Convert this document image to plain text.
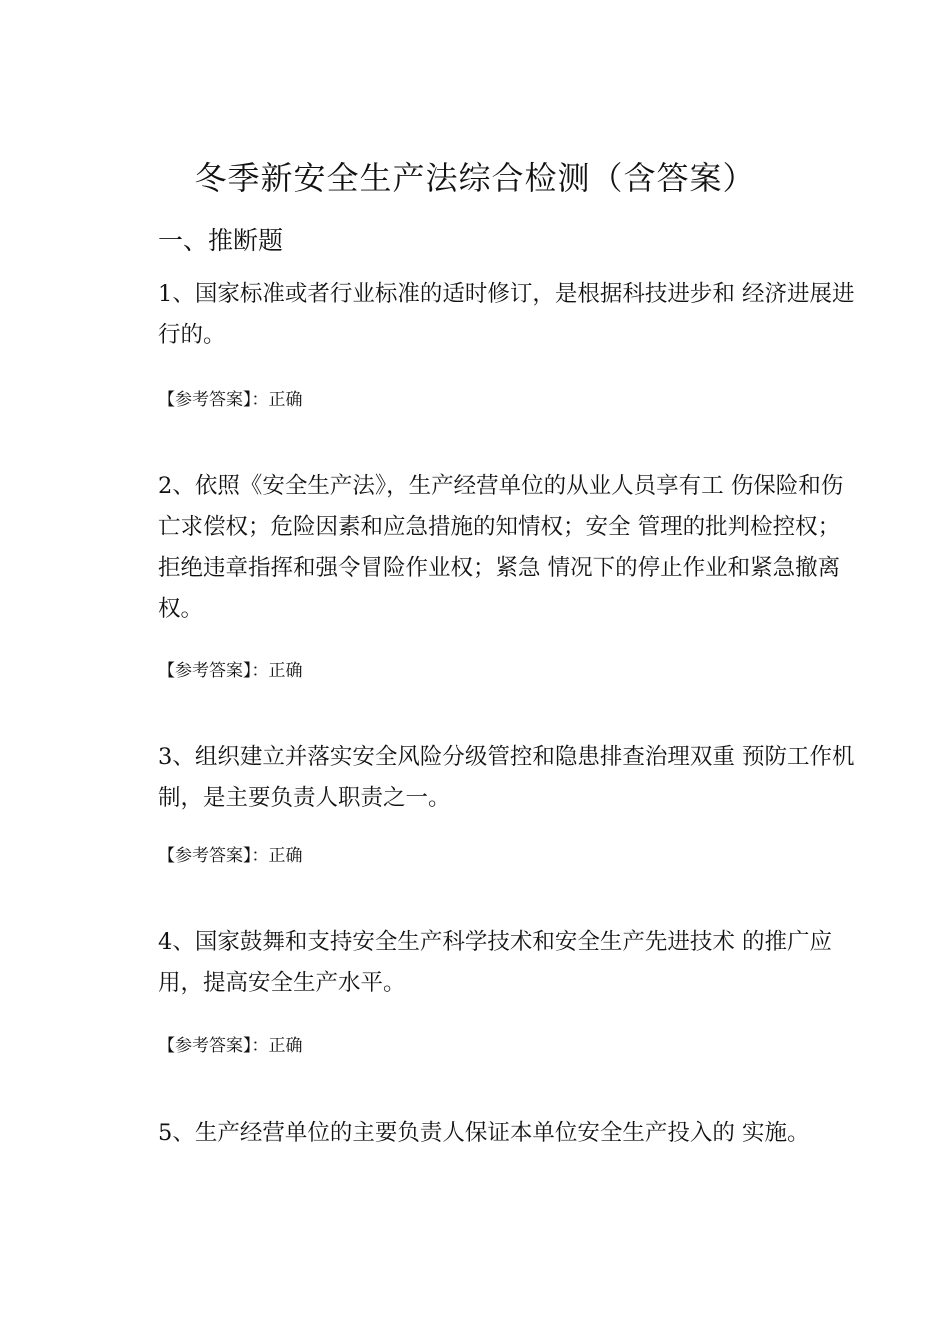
冬季新安全生产法综合检测（含答案）
一、推断题

1、国家标准或者行业标准的适时修订，是根据科技进步和 经济进展进行的。

【参考答案】：正确

2、依照《安全生产法》，生产经营单位的从业人员享有工 伤保险和伤亡求偿权；危险因素和应急措施的知情权；安全 管理的批判检控权；拒绝违章指挥和强令冒险作业权；紧急 情况下的停止作业和紧急撤离权。

【参考答案】：正确

3、组织建立并落实安全风险分级管控和隐患排查治理双重 预防工作机制，是主要负责人职责之一。

【参考答案】：正确

4、国家鼓舞和支持安全生产科学技术和安全生产先进技术 的推广应用，提高安全生产水平。

【参考答案】：正确

5、生产经营单位的主要负责人保证本单位安全生产投入的 实施。
